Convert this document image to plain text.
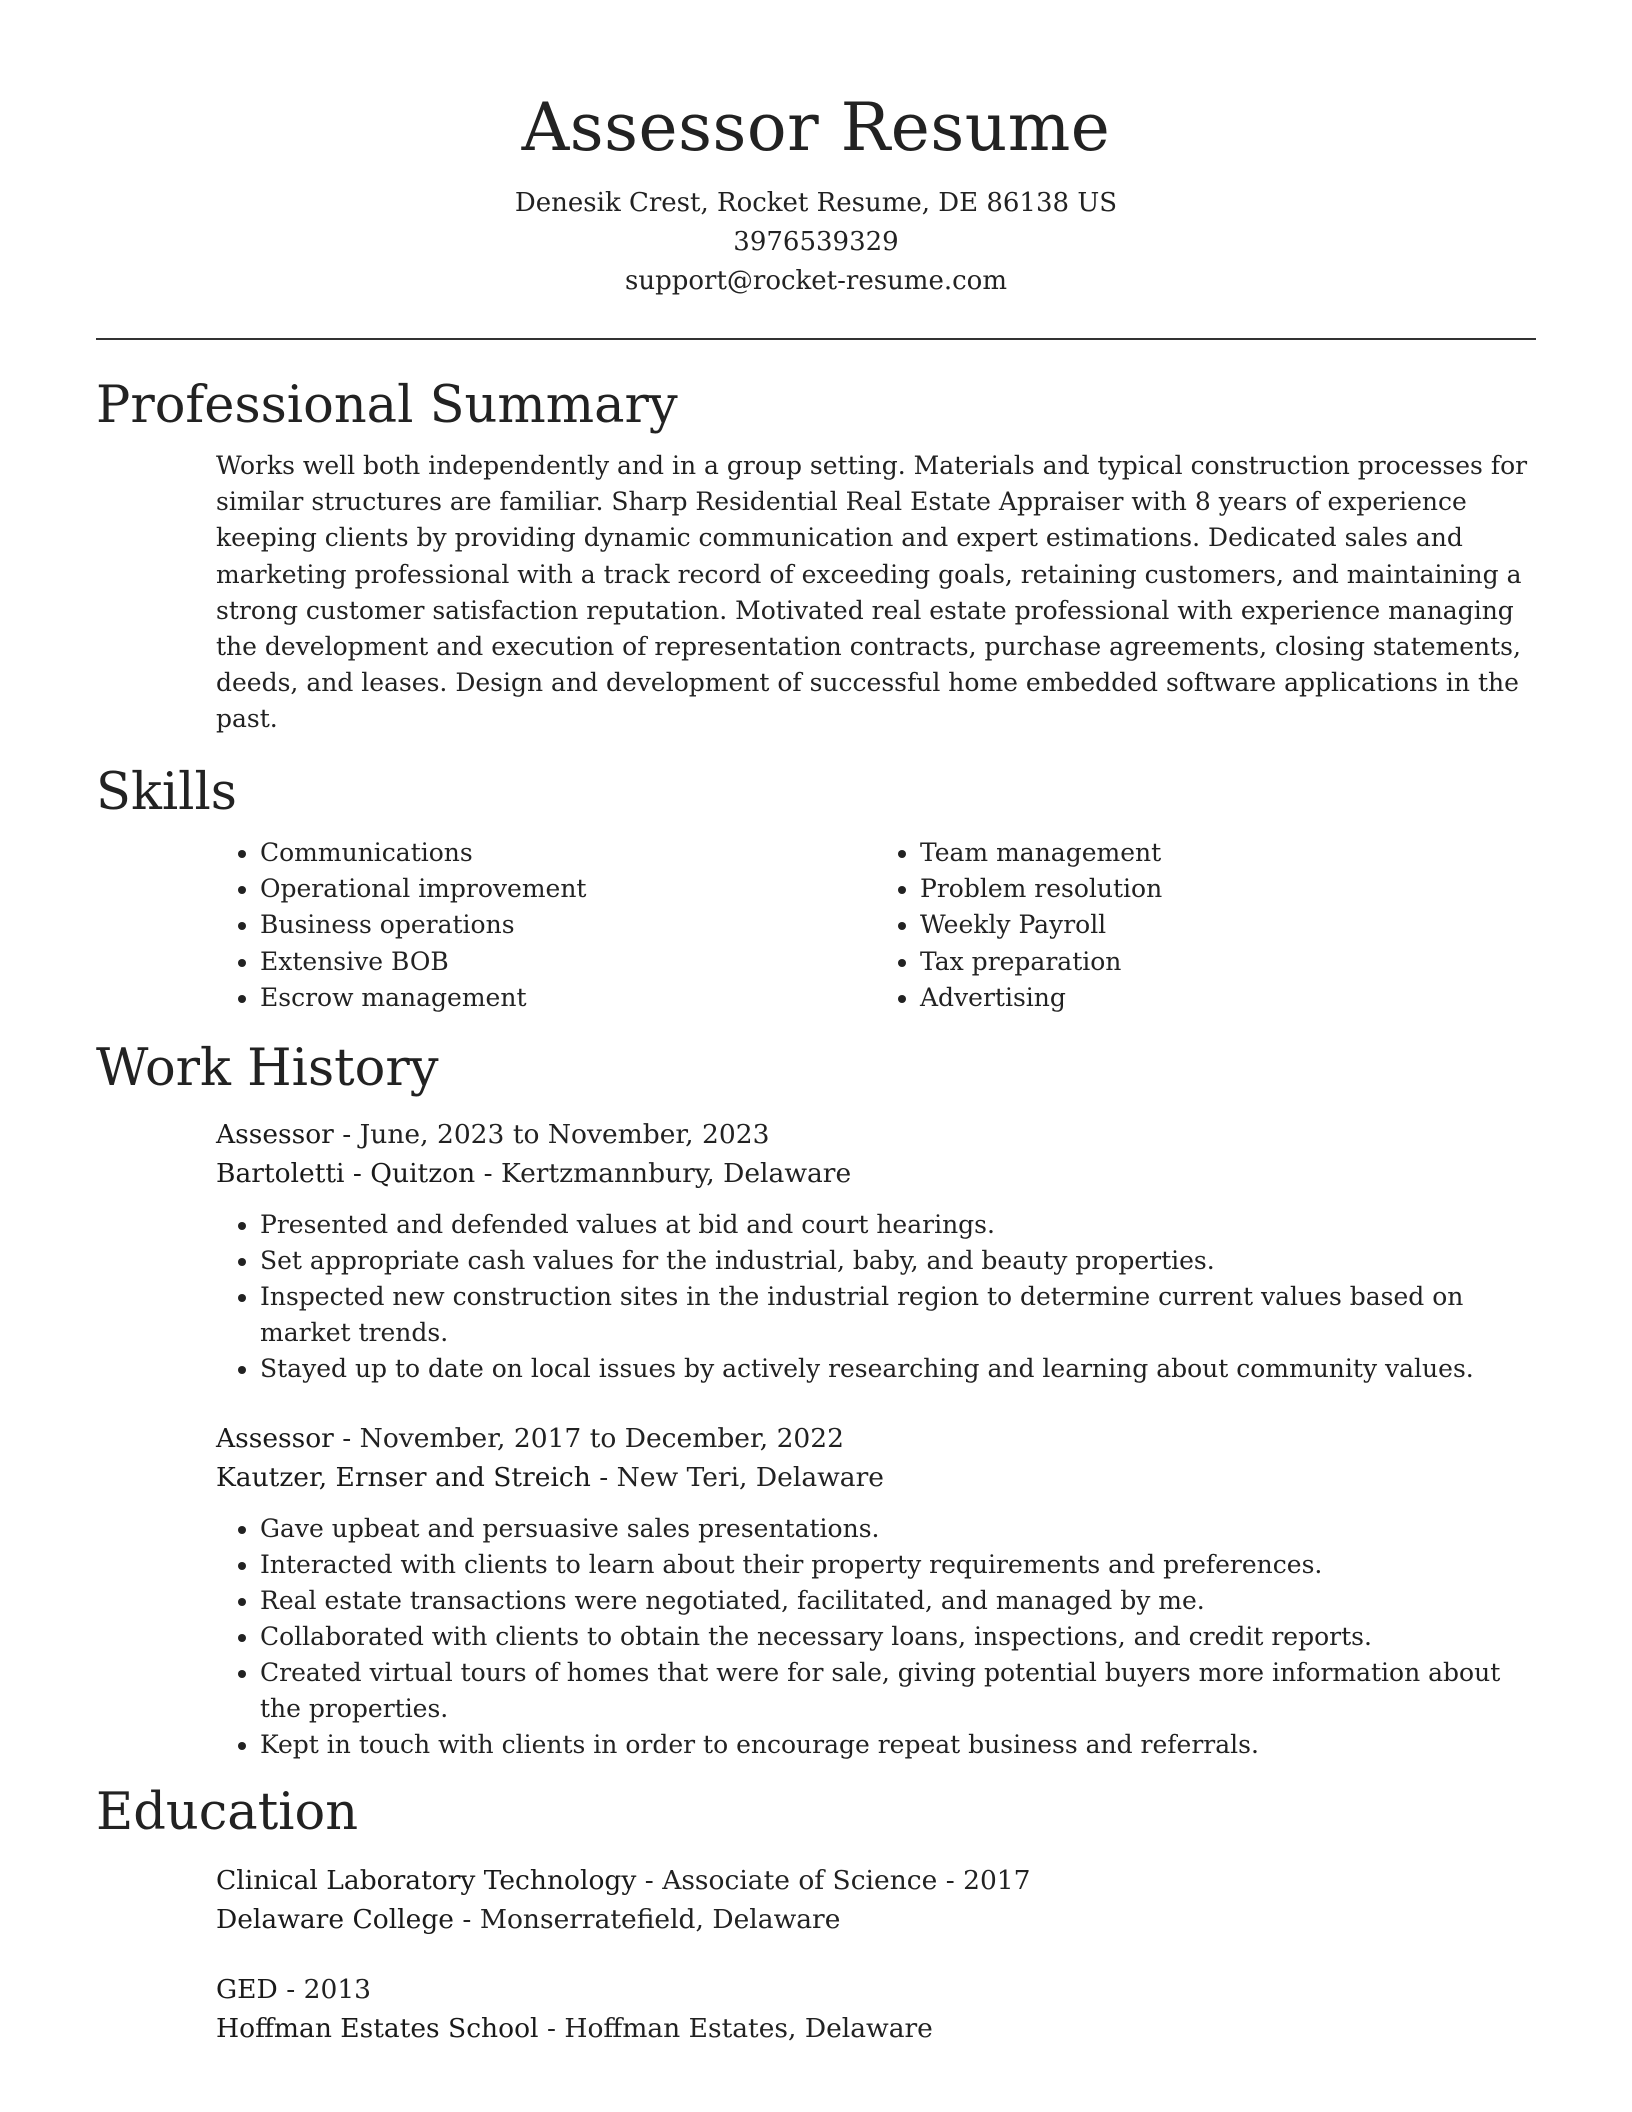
Assessor Resume
Denesik Crest, Rocket Resume, DE 86138 US
3976539329
support@rocket-resume.com
Professional Summary

Works well both independently and in a group setting. Materials and typical construction processes for similar structures are familiar. Sharp Residential Real Estate Appraiser with 8 years of experience keeping clients by providing dynamic communication and expert estimations. Dedicated sales and marketing professional with a track record of exceeding goals, retaining customers, and maintaining a strong customer satisfaction reputation. Motivated real estate professional with experience managing the development and execution of representation contracts, purchase agreements, closing statements, deeds, and leases. Design and development of successful home embedded software applications in the past.

Skills
• Communications
• Operational improvement
• Business operations
• Extensive BOB
• Escrow management
• Team management
• Problem resolution
• Weekly Payroll
• Tax preparation
• Advertising
Work History
Assessor - June, 2023 to November, 2023
Bartoletti - Quitzon - Kertzmannbury, Delaware
• Presented and defended values at bid and court hearings.
• Set appropriate cash values for the industrial, baby, and beauty properties.
• Inspected new construction sites in the industrial region to determine current values based on market trends.
• Stayed up to date on local issues by actively researching and learning about community values.
Assessor - November, 2017 to December, 2022
Kautzer, Ernser and Streich - New Teri, Delaware
• Gave upbeat and persuasive sales presentations.
• Interacted with clients to learn about their property requirements and preferences.
• Real estate transactions were negotiated, facilitated, and managed by me.
• Collaborated with clients to obtain the necessary loans, inspections, and credit reports.
• Created virtual tours of homes that were for sale, giving potential buyers more information about the properties.
• Kept in touch with clients in order to encourage repeat business and referrals.
Education
Clinical Laboratory Technology - Associate of Science - 2017
Delaware College - Monserratefield, Delaware
GED - 2013
Hoffman Estates School - Hoffman Estates, Delaware
